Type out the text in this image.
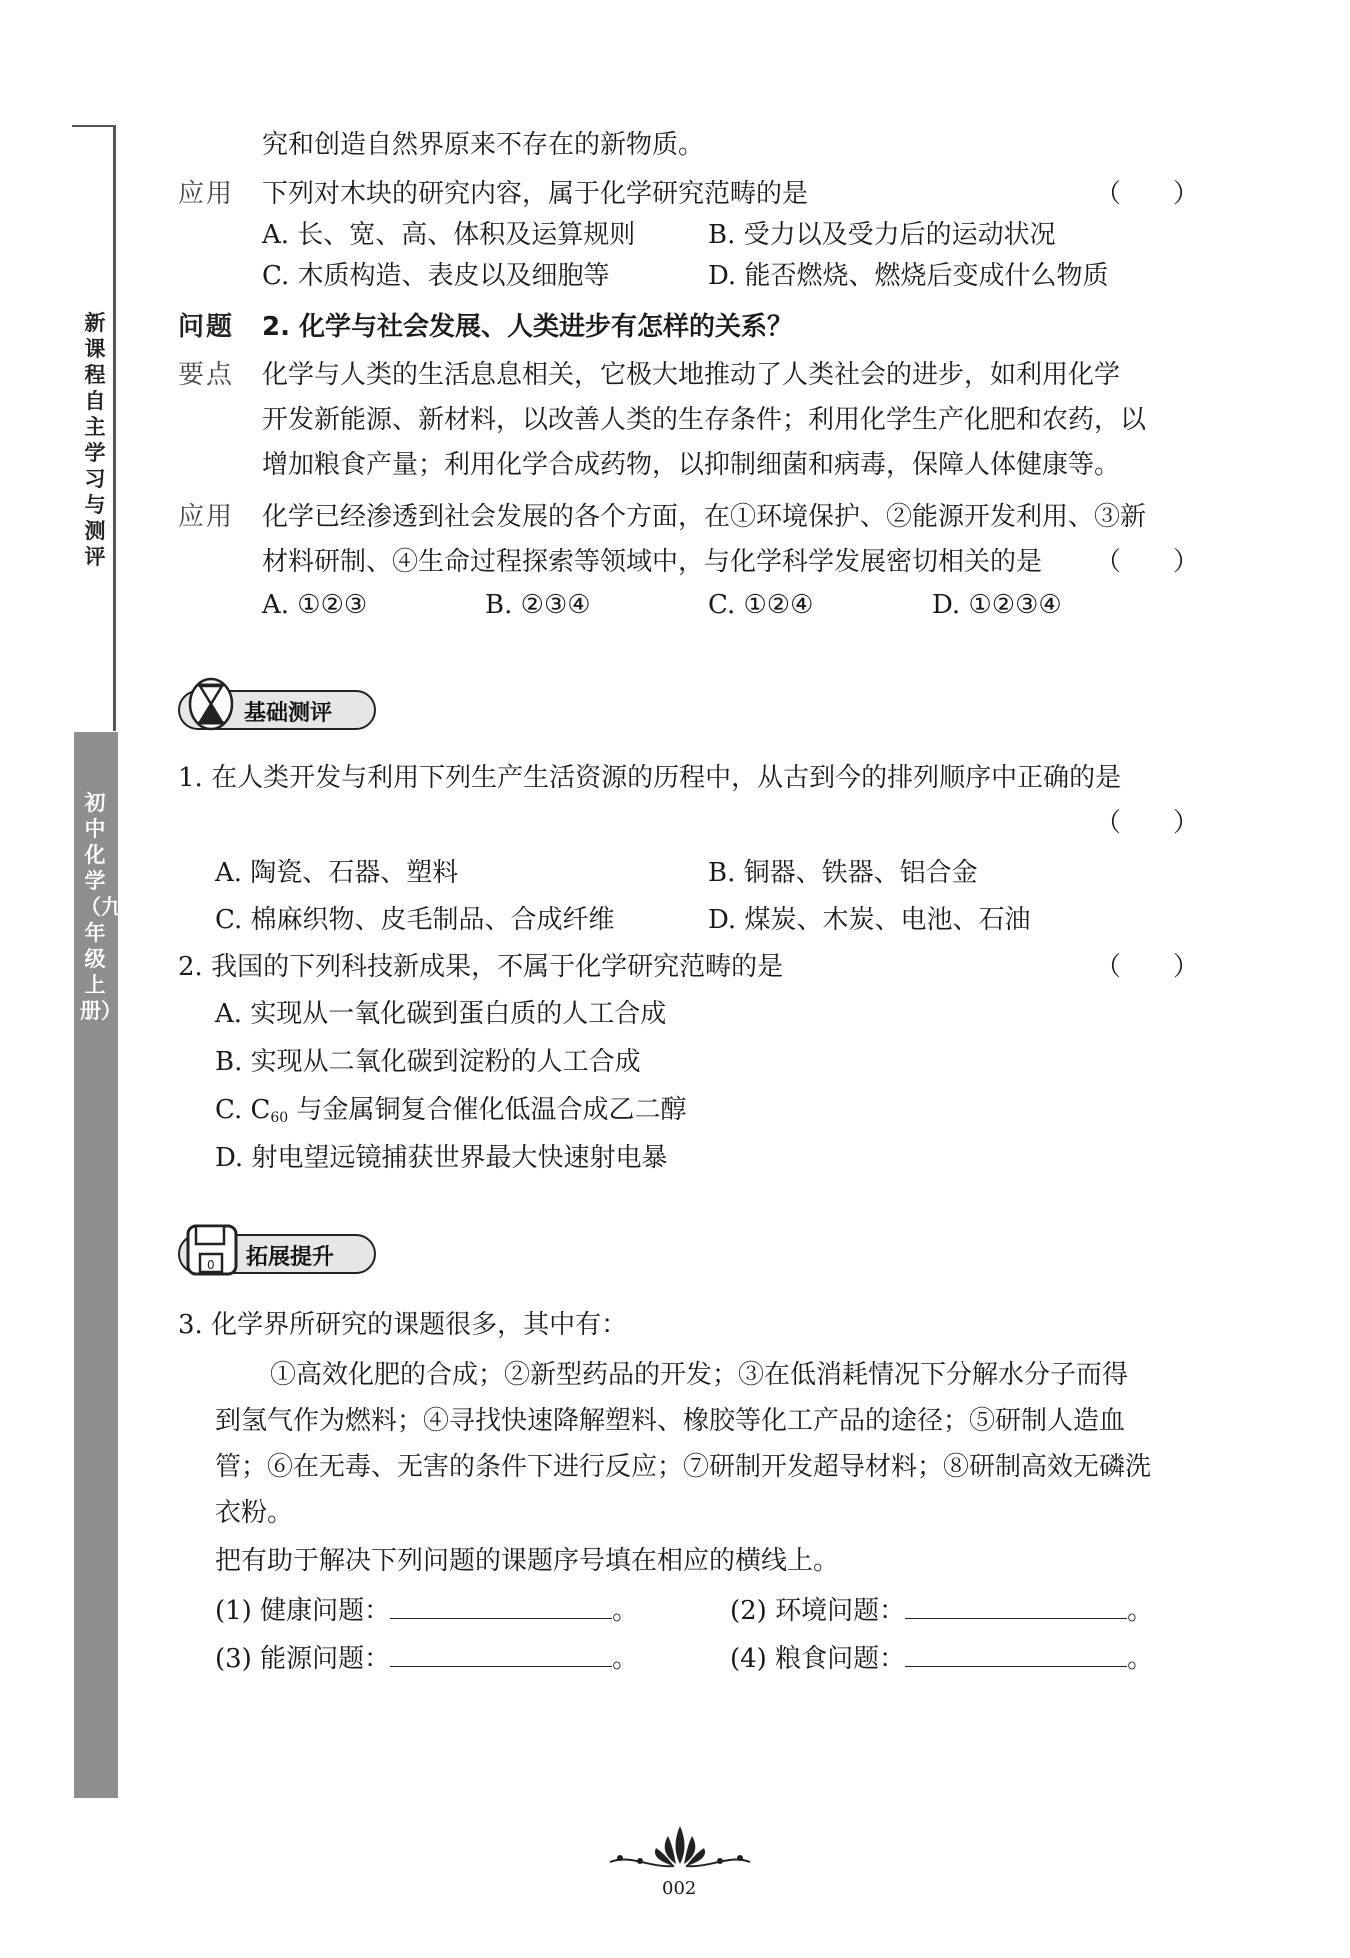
新课程自主学习与测评
初中化学（九年级上册）
究和创造自然界原来不存在的新物质。
应用 下列对木块的研究内容，属于化学研究范畴的是	（　　）
A. 长、宽、高、体积及运算规则	B. 受力以及受力后的运动状况
C. 木质构造、表皮以及细胞等	D. 能否燃烧、燃烧后变成什么物质
问题 2. 化学与社会发展、人类进步有怎样的关系？
要点 化学与人类的生活息息相关，它极大地推动了人类社会的进步，如利用化学
开发新能源、新材料，以改善人类的生存条件；利用化学生产化肥和农药，以
增加粮食产量；利用化学合成药物，以抑制细菌和病毒，保障人体健康等。
应用 化学已经渗透到社会发展的各个方面，在①环境保护、②能源开发利用、③新
材料研制、④生命过程探索等领域中，与化学科学发展密切相关的是 （　　）
A. ①②③	B. ②③④	C. ①②④	D. ①②③④
基础测评
1. 在人类开发与利用下列生产生活资源的历程中，从古到今的排列顺序中正确的是
（　　）
A. 陶瓷、石器、塑料	B. 铜器、铁器、铝合金
C. 棉麻织物、皮毛制品、合成纤维	D. 煤炭、木炭、电池、石油
2. 我国的下列科技新成果，不属于化学研究范畴的是	（　　）
A. 实现从一氧化碳到蛋白质的人工合成
B. 实现从二氧化碳到淀粉的人工合成
C. $C_{60}$ 与金属铜复合催化低温合成乙二醇
D. 射电望远镜捕获世界最大快速射电暴
0 拓展提升
3. 化学界所研究的课题很多，其中有：
①高效化肥的合成；②新型药品的开发；③在低消耗情况下分解水分子而得
到氢气作为燃料；④寻找快速降解塑料、橡胶等化工产品的途径；⑤研制人造血
管；⑥在无毒、无害的条件下进行反应；⑦研制开发超导材料；⑧研制高效无磷洗
衣粉。
把有助于解决下列问题的课题序号填在相应的横线上。
(1) 健康问题：	。	(2) 环境问题：	。
(3) 能源问题：	。	(4) 粮食问题：	。
002
